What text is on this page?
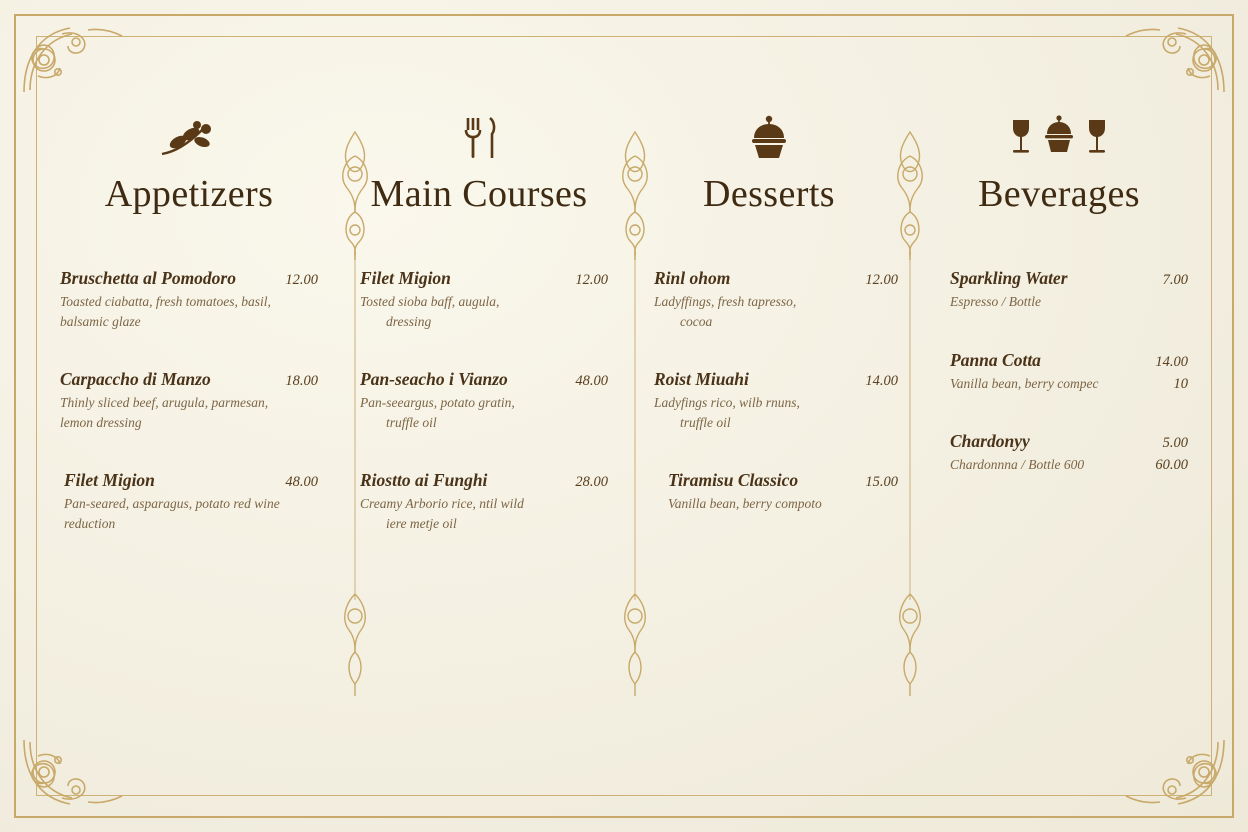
Appetizers
Bruschetta al Pomodoro	12.00
Toasted ciabatta, fresh tomatoes, basil, balsamic glaze
Carpaccho di Manzo	18.00
Thinly sliced beef, arugula, parmesan, lemon dressing
Filet Migion	48.00
Pan-seared, asparagus, potato red wine reduction
Main Courses
Filet Migion	12.00
Tosted sioba baff, augula,
dressing
Pan-seacho i Vianzo	48.00
Pan-seeargus, potato gratin,
truffle oil
Riostto ai Funghi	28.00
Creamy Arborio rice, ntil wild
iere metje oil
Desserts
Rinl ohom	12.00
Ladyffings, fresh tapresso,
cocoa
Roist Miuahi	14.00
Ladyfings rico, wilb rnuns,
truffle oil
Tiramisu Classico	15.00
Vanilla bean, berry compoto
Beverages
Sparkling Water	7.00
Espresso / Bottle
Panna Cotta	14.00
Vanilla bean, berry compec	10
Chardonyy	5.00
Chardonnna / Bottle 600	60.00
